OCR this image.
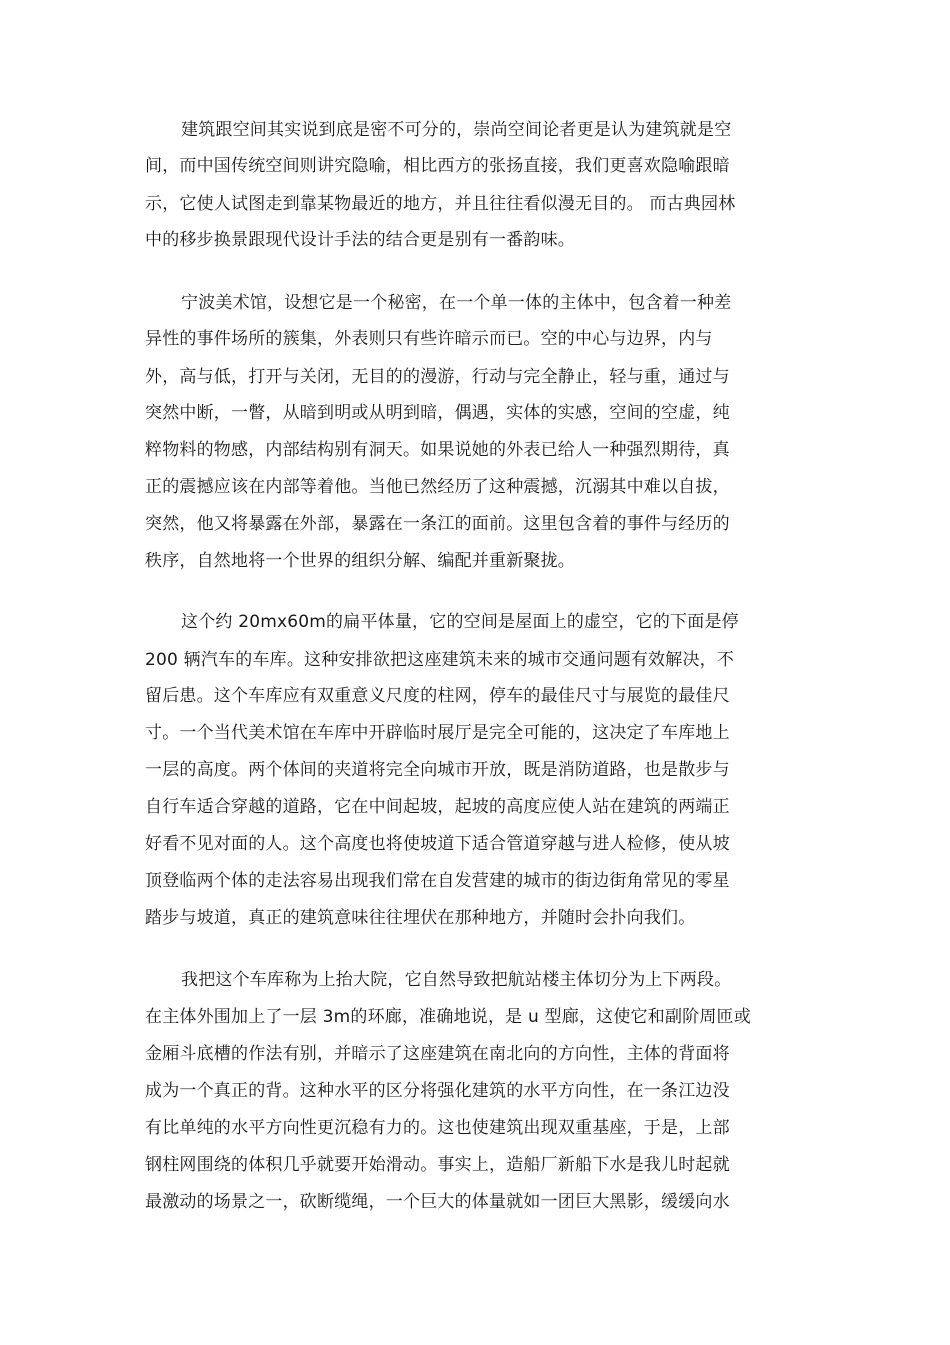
建筑跟空间其实说到底是密不可分的，崇尚空间论者更是认为建筑就是空
间，而中国传统空间则讲究隐喻，相比西方的张扬直接，我们更喜欢隐喻跟暗
示，它使人试图走到靠某物最近的地方，并且往往看似漫无目的。 而古典园林
中的移步换景跟现代设计手法的结合更是别有一番韵味。
宁波美术馆，设想它是一个秘密，在一个单一体的主体中，包含着一种差
异性的事件场所的簇集，外表则只有些许暗示而已。空的中心与边界，内与
外，高与低，打开与关闭，无目的的漫游，行动与完全静止，轻与重，通过与
突然中断，一瞥，从暗到明或从明到暗，偶遇，实体的实感，空间的空虚，纯
粹物料的物感，内部结构别有洞天。如果说她的外表已给人一种强烈期待，真
正的震撼应该在内部等着他。当他已然经历了这种震撼，沉溺其中难以自拔，
突然，他又将暴露在外部，暴露在一条江的面前。这里包含着的事件与经历的
秩序，自然地将一个世界的组织分解、编配并重新聚拢。
这个约 20mx60m的扁平体量，它的空间是屋面上的虚空，它的下面是停
200 辆汽车的车库。这种安排欲把这座建筑未来的城市交通问题有效解决，不
留后患。这个车库应有双重意义尺度的柱网，停车的最佳尺寸与展览的最佳尺
寸。一个当代美术馆在车库中开辟临时展厅是完全可能的，这决定了车库地上
一层的高度。两个体间的夹道将完全向城市开放，既是消防道路，也是散步与
自行车适合穿越的道路，它在中间起坡，起坡的高度应使人站在建筑的两端正
好看不见对面的人。这个高度也将使坡道下适合管道穿越与进人检修，使从坡
顶登临两个体的走法容易出现我们常在自发营建的城市的街边街角常见的零星
踏步与坡道，真正的建筑意味往往埋伏在那种地方，并随时会扑向我们。
我把这个车库称为上抬大院，它自然导致把航站楼主体切分为上下两段。
在主体外围加上了一层 3m的环廊，准确地说，是 u 型廊，这使它和副阶周匝或
金厢斗底槽的作法有别，并暗示了这座建筑在南北向的方向性，主体的背面将
成为一个真正的背。这种水平的区分将强化建筑的水平方向性，在一条江边没
有比单纯的水平方向性更沉稳有力的。这也使建筑出现双重基座，于是，上部
钢柱网围绕的体积几乎就要开始滑动。事实上，造船厂新船下水是我儿时起就
最激动的场景之一，砍断缆绳，一个巨大的体量就如一团巨大黑影，缓缓向水
